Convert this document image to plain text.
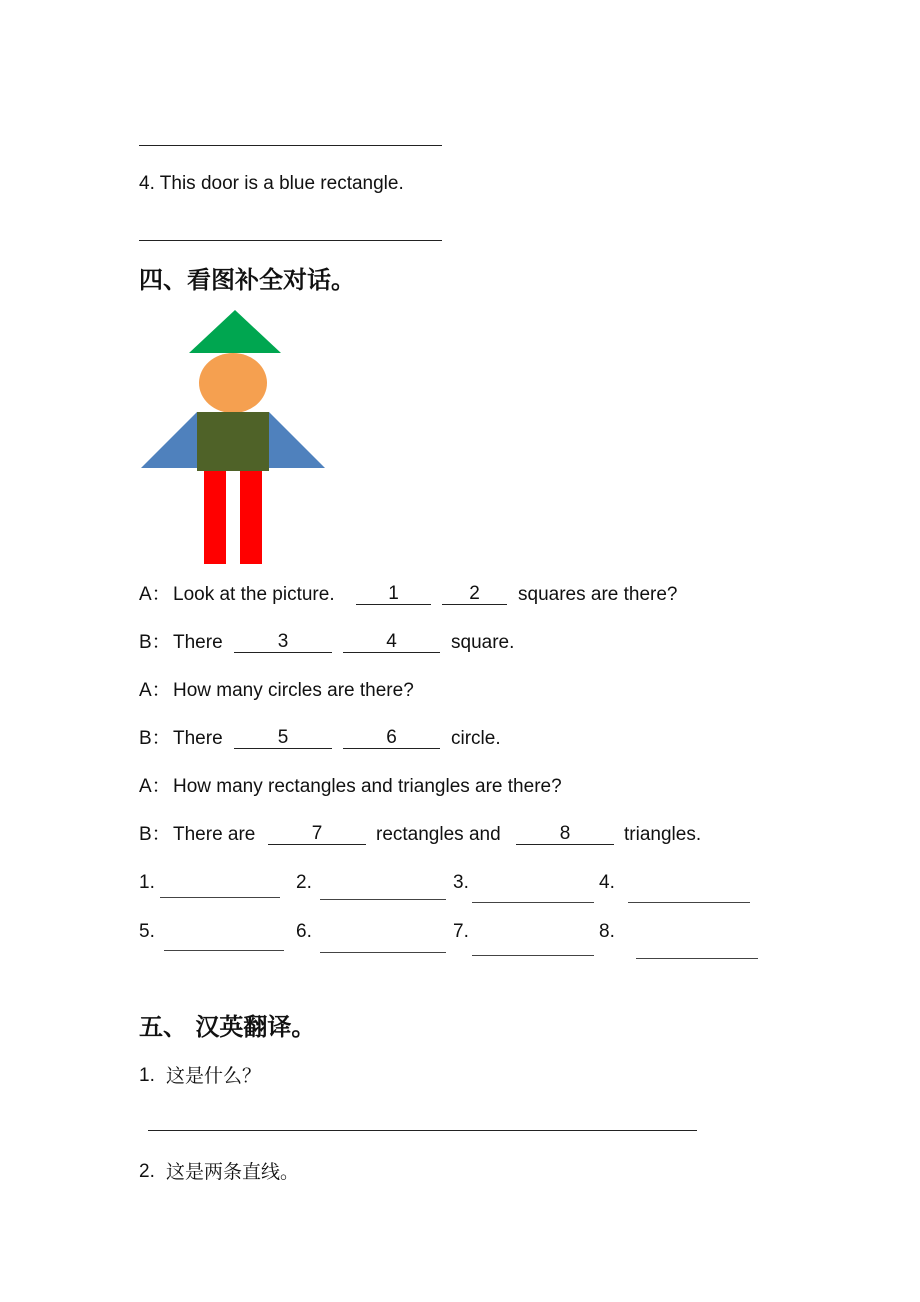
4. This door is a blue rectangle.
四、看图补全对话。
A： Look at the picture.	1	2	squares are there?
B： There	3	4	square.
A： How many circles are there?
B： There	5	6	circle.
A： How many rectangles and triangles are there?
B： There are	7	rectangles and	8	triangles.
1.	2.	3.	4.
5.	6.	7.	8.
五、 汉英翻译。
1. 这是什么？
2. 这是两条直线。
